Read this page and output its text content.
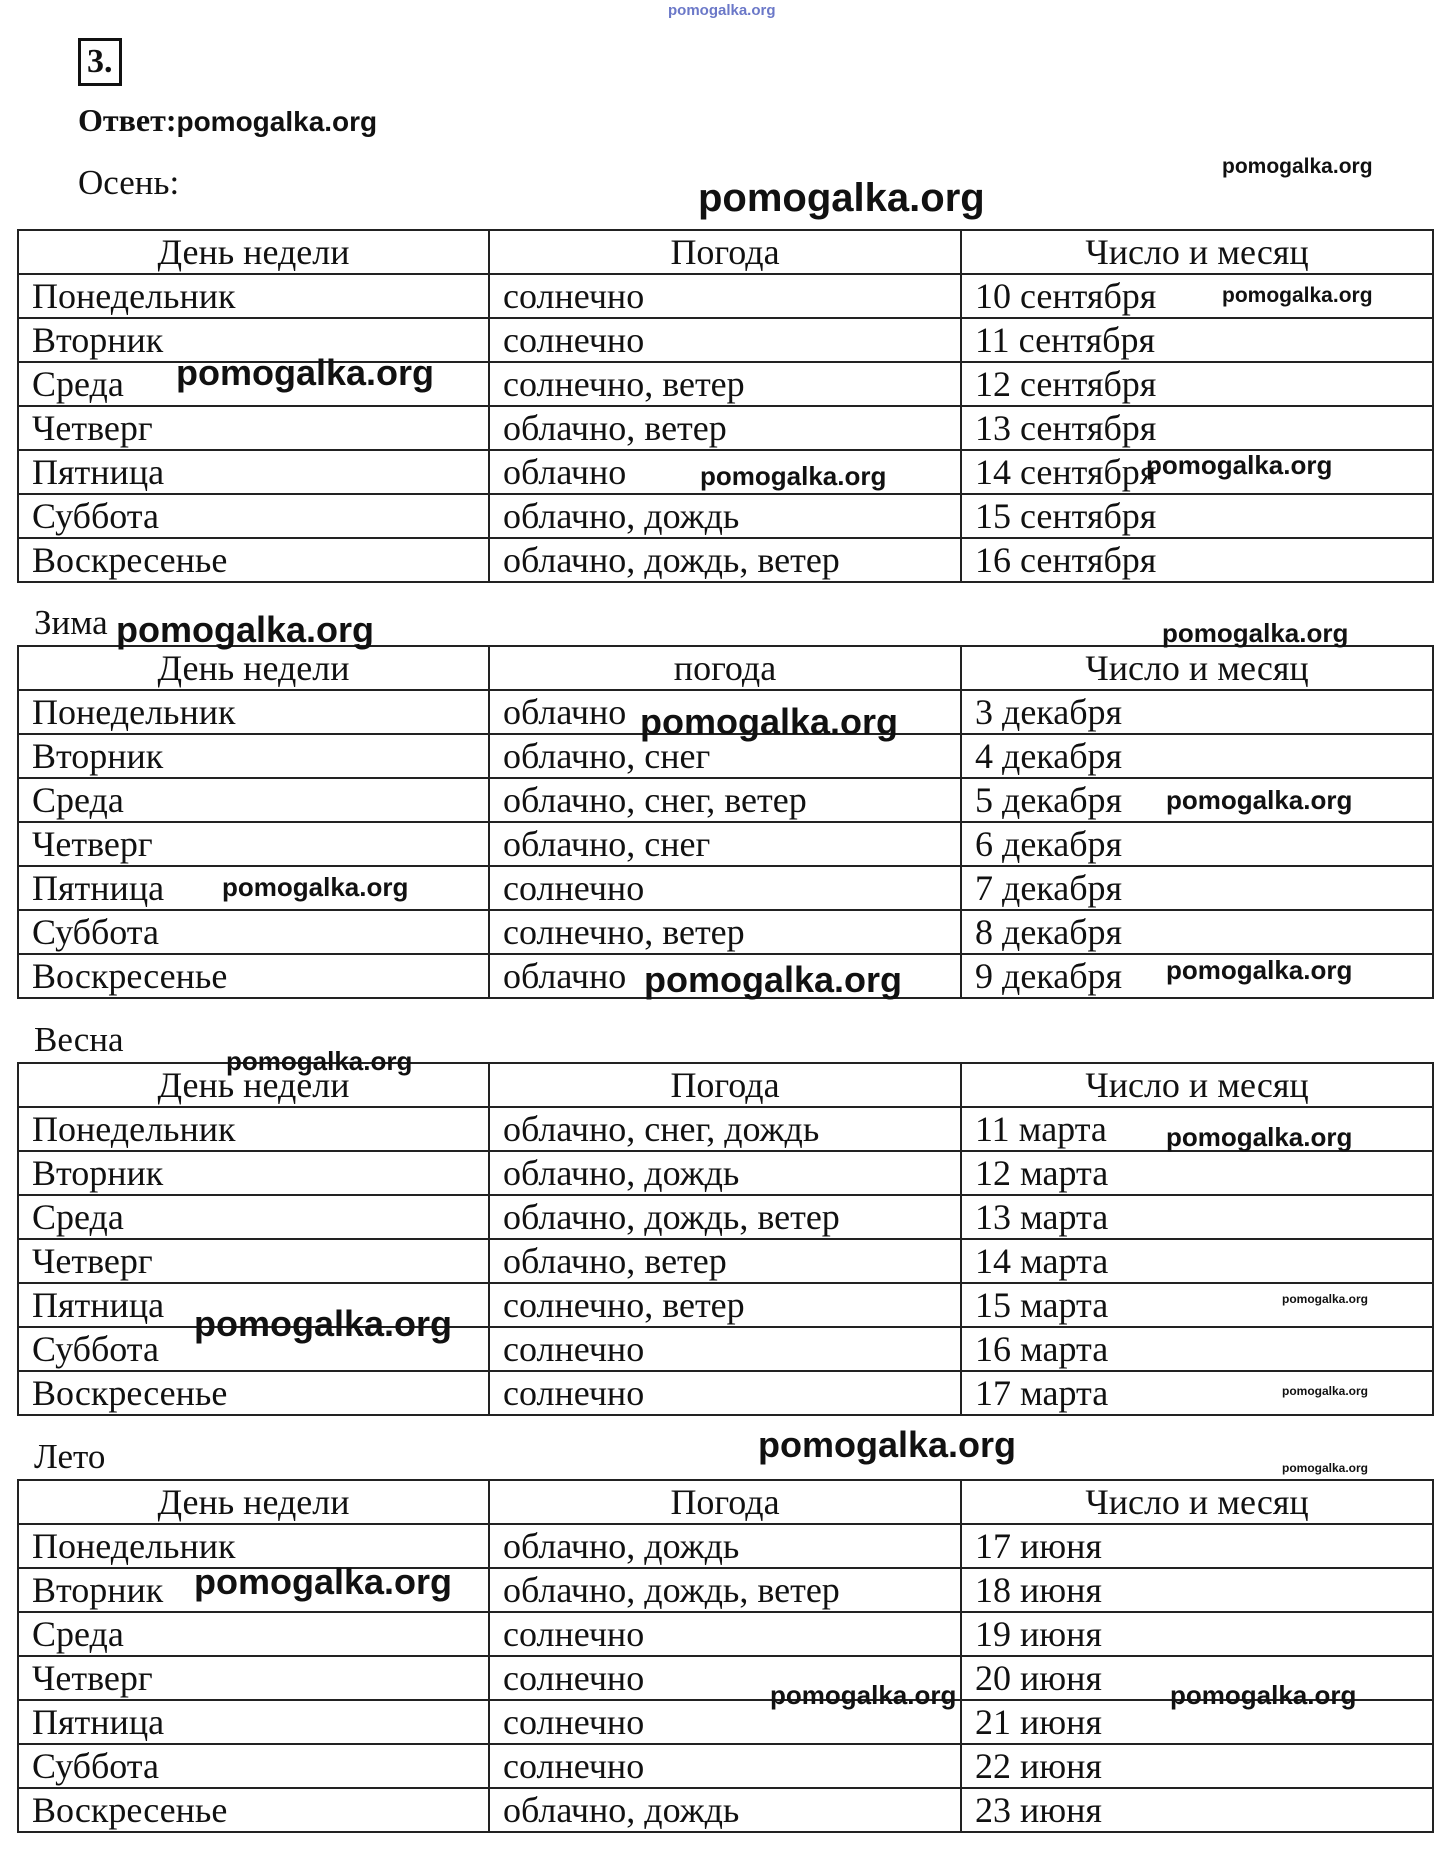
3.
Ответ:pomogalka.org
Осень:
День недели	Погода	Число и месяц
Понедельник	солнечно	10 сентября
Вторник	солнечно	11 сентября
Среда	солнечно, ветер	12 сентября
Четверг	облачно, ветер	13 сентября
Пятница	облачно	14 сентября
Суббота	облачно, дождь	15 сентября
Воскресенье	облачно, дождь, ветер	16 сентября
Зима
День недели	погода	Число и месяц
Понедельник	облачно	3 декабря
Вторник	облачно, снег	4 декабря
Среда	облачно, снег, ветер	5 декабря
Четверг	облачно, снег	6 декабря
Пятница	солнечно	7 декабря
Суббота	солнечно, ветер	8 декабря
Воскресенье	облачно	9 декабря
Весна
День недели	Погода	Число и месяц
Понедельник	облачно, снег, дождь	11 марта
Вторник	облачно, дождь	12 марта
Среда	облачно, дождь, ветер	13 марта
Четверг	облачно, ветер	14 марта
Пятница	солнечно, ветер	15 марта
Суббота	солнечно	16 марта
Воскресенье	солнечно	17 марта
Лето
День недели	Погода	Число и месяц
Понедельник	облачно, дождь	17 июня
Вторник	облачно, дождь, ветер	18 июня
Среда	солнечно	19 июня
Четверг	солнечно	20 июня
Пятница	солнечно	21 июня
Суббота	солнечно	22 июня
Воскресенье	облачно, дождь	23 июня
pomogalka.org
pomogalka.org
pomogalka.org
pomogalka.org
pomogalka.org
pomogalka.org
pomogalka.org
pomogalka.org	pomogalka.org
pomogalka.org
pomogalka.org
pomogalka.org
pomogalka.org
pomogalka.org
pomogalka.org
pomogalka.org
pomogalka.org
pomogalka.org
pomogalka.org
pomogalka.org
pomogalka.org
pomogalka.org
pomogalka.org	pomogalka.org
